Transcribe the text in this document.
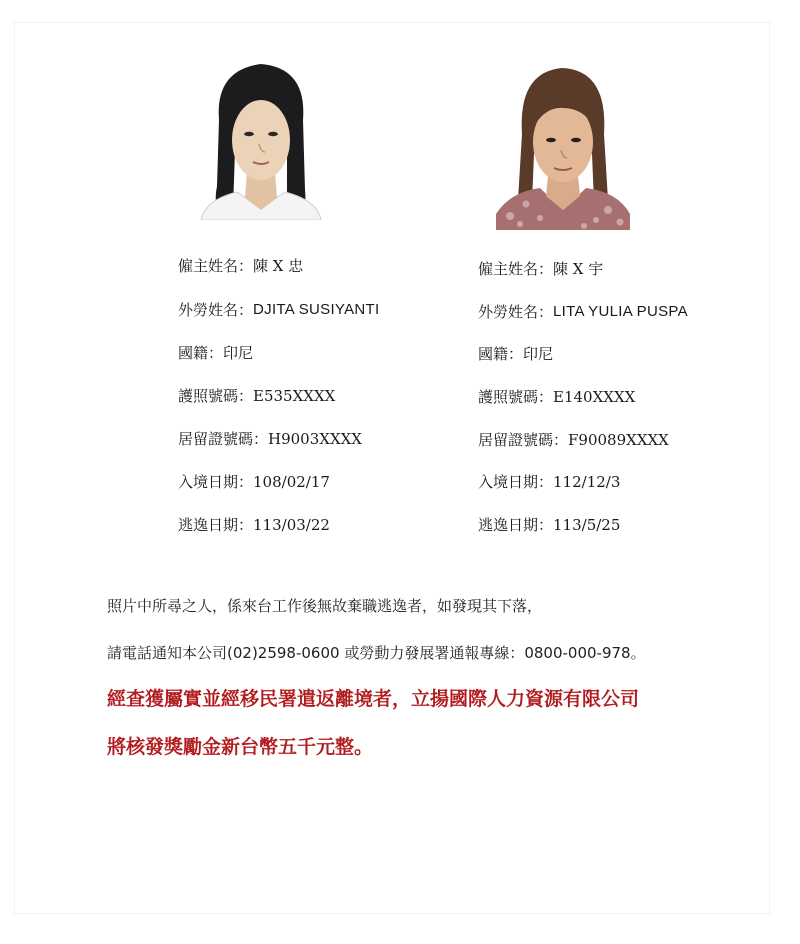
僱主姓名： 陳 X 忠
外勞姓名： DJITA SUSIYANTI
國 籍： 印尼
護照號碼： E535XXXX
居留證號碼： H9003XXXX
入境日期： 108/02/17
逃逸日期： 113/03/22
僱主姓名： 陳 X 宇
外勞姓名： LITA YULIA PUSPA
國 籍： 印尼
護照號碼： E140XXXX
居留證號碼： F90089XXXX
入境日期： 112/12/3
逃逸日期： 113/5/25

照片中所尋之人，係來台工作後無故棄職逃逸者，如發現其下落，

請電話通知本公司(02)2598-0600 或勞動力發展署通報專線：0800-000-978。

經查獲屬實並經移民署遣返離境者，立揚國際人力資源有限公司

將核發獎勵金新台幣五千元整。
